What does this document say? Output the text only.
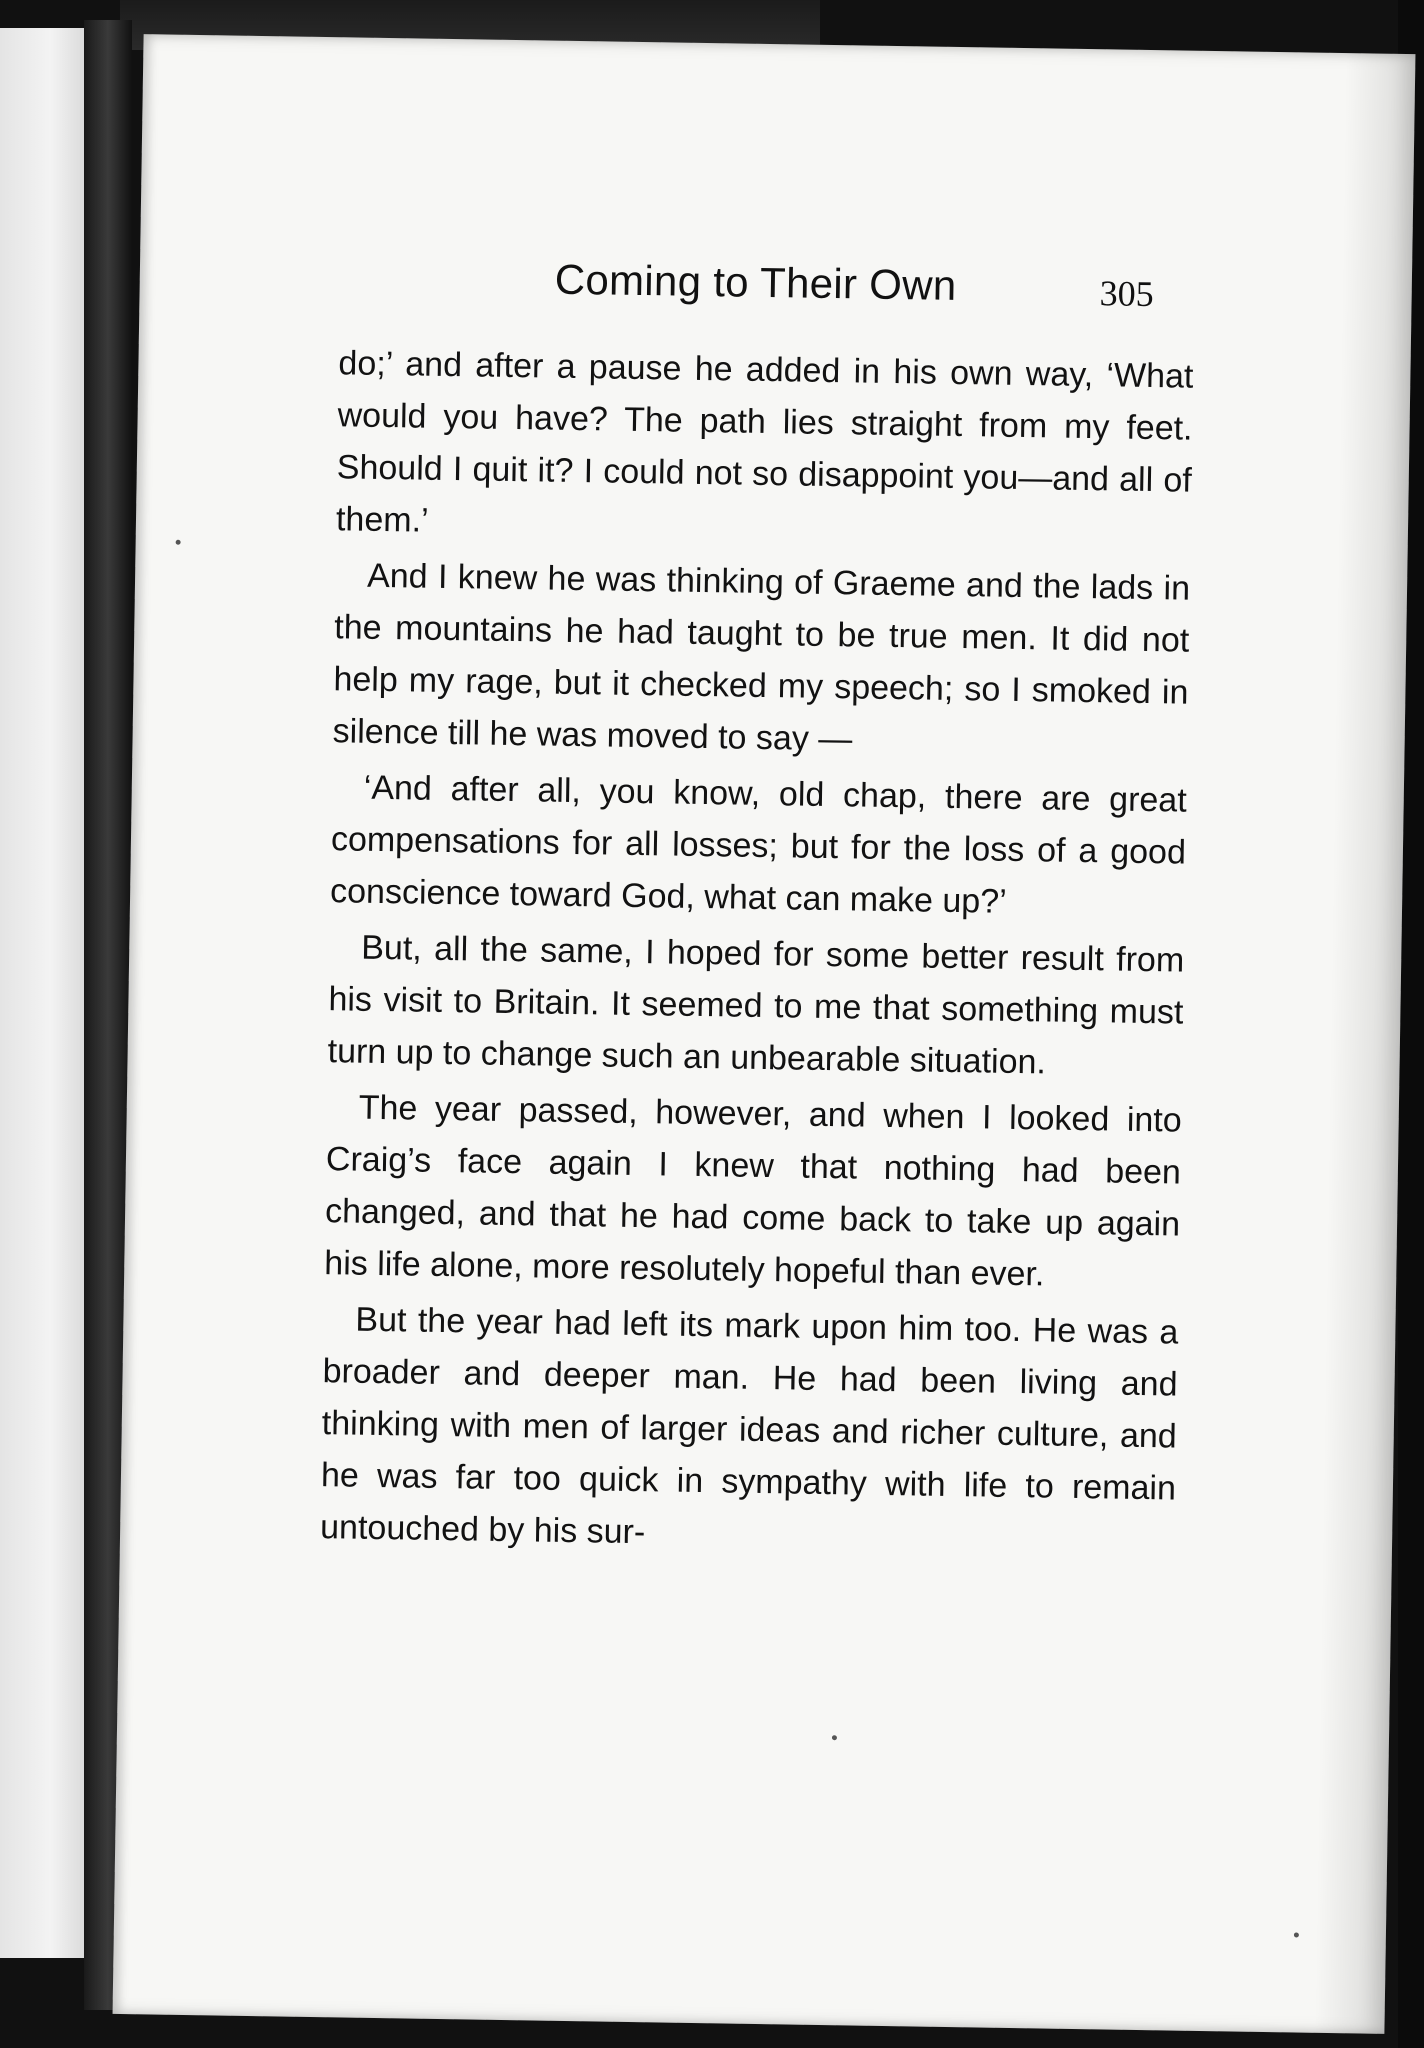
Coming to Their Own	305

do;’ and after a pause he added in his own way, ‘What would you have? The path lies straight from my feet. Should I quit it? I could not so disappoint you—and all of them.’

And I knew he was thinking of Graeme and the lads in the mountains he had taught to be true men. It did not help my rage, but it checked my speech; so I smoked in silence till he was moved to say —

‘And after all, you know, old chap, there are great compensations for all losses; but for the loss of a good conscience toward God, what can make up?’

But, all the same, I hoped for some better result from his visit to Britain. It seemed to me that something must turn up to change such an unbearable situation.

The year passed, however, and when I looked into Craig’s face again I knew that nothing had been changed, and that he had come back to take up again his life alone, more resolutely hopeful than ever.

But the year had left its mark upon him too. He was a broader and deeper man. He had been living and thinking with men of larger ideas and richer culture, and he was far too quick in sympathy with life to remain untouched by his sur-
